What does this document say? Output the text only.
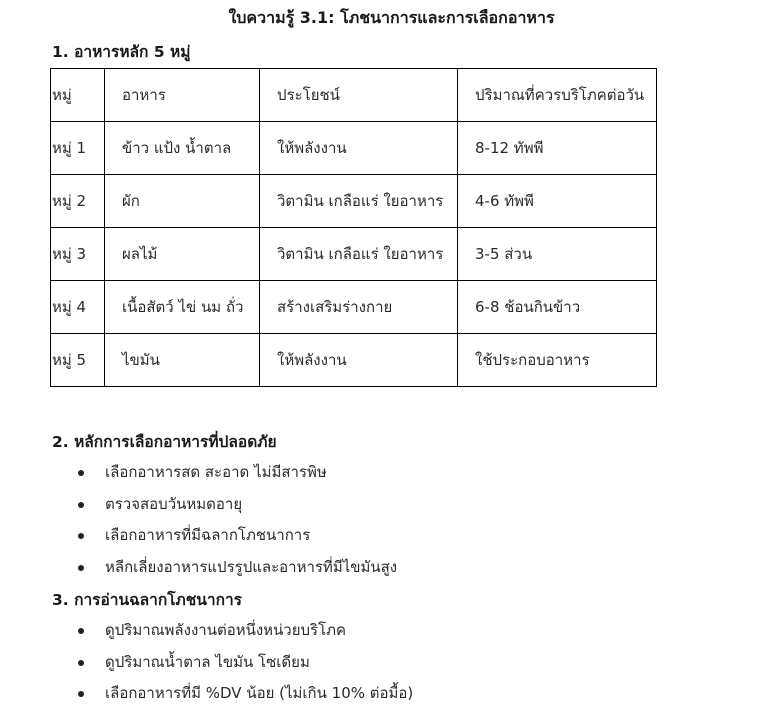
ใบความรู้ 3.1: โภชนาการและการเลือกอาหาร
1. อาหารหลัก 5 หมู่
หมู่	อาหาร	ประโยชน์	ปริมาณที่ควรบริโภคต่อวัน
หมู่ 1	ข้าว แป้ง น้ำตาล	ให้พลังงาน	8-12 ทัพพี
หมู่ 2	ผัก	วิตามิน เกลือแร่ ใยอาหาร	4-6 ทัพพี
หมู่ 3	ผลไม้	วิตามิน เกลือแร่ ใยอาหาร	3-5 ส่วน
หมู่ 4	เนื้อสัตว์ ไข่ นม ถั่ว	สร้างเสริมร่างกาย	6-8 ช้อนกินข้าว
หมู่ 5	ไขมัน	ให้พลังงาน	ใช้ประกอบอาหาร
2. หลักการเลือกอาหารที่ปลอดภัย
เลือกอาหารสด สะอาด ไม่มีสารพิษ
ตรวจสอบวันหมดอายุ
เลือกอาหารที่มีฉลากโภชนาการ
หลีกเลี่ยงอาหารแปรรูปและอาหารที่มีไขมันสูง
3. การอ่านฉลากโภชนาการ
ดูปริมาณพลังงานต่อหนึ่งหน่วยบริโภค
ดูปริมาณน้ำตาล ไขมัน โซเดียม
เลือกอาหารที่มี %DV น้อย (ไม่เกิน 10% ต่อมื้อ)
